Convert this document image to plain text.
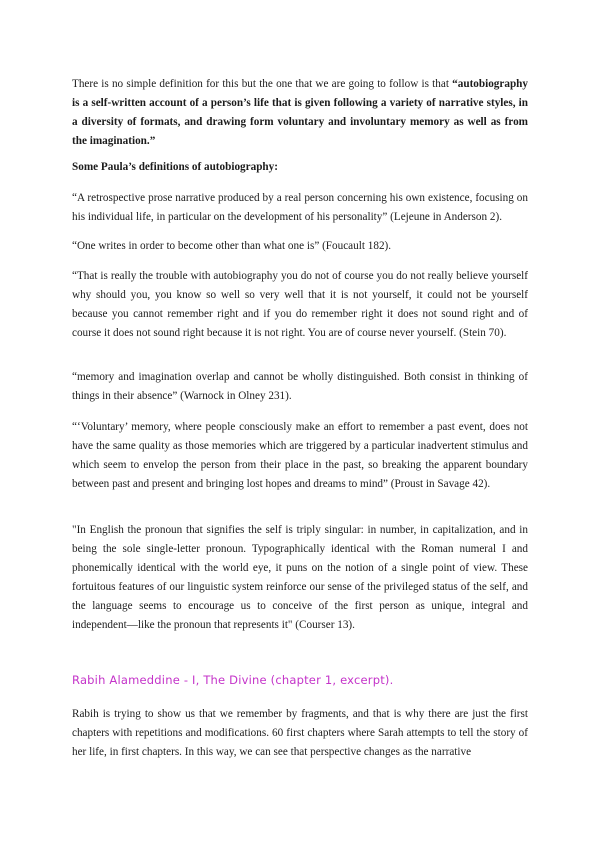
There is no simple definition for this but the one that we are going to follow is that “autobiography is a self-written account of a person’s life that is given following a variety of narrative styles, in a diversity of formats, and drawing form voluntary and involuntary memory as well as from the imagination.”

Some Paula’s definitions of autobiography:

“A retrospective prose narrative produced by a real person concerning his own existence, focusing on his individual life, in particular on the development of his personality” (Lejeune in Anderson 2).

“One writes in order to become other than what one is” (Foucault 182).

“That is really the trouble with autobiography you do not of course you do not really believe yourself why should you, you know so well so very well that it is not yourself, it could not be yourself because you cannot remember right and if you do remember right it does not sound right and of course it does not sound right because it is not right. You are of course never yourself. (Stein 70).

“memory and imagination overlap and cannot be wholly distinguished. Both consist in thinking of things in their absence” (Warnock in Olney 231).

“‘Voluntary’ memory, where people consciously make an effort to remember a past event, does not have the same quality as those memories which are triggered by a particular inadvertent stimulus and which seem to envelop the person from their place in the past, so breaking the apparent boundary between past and present and bringing lost hopes and dreams to mind” (Proust in Savage 42).

"In English the pronoun that signifies the self is triply singular: in number, in capitalization, and in being the sole single-letter pronoun. Typographically identical with the Roman numeral I and phonemically identical with the world eye, it puns on the notion of a single point of view. These fortuitous features of our linguistic system reinforce our sense of the privileged status of the self, and the language seems to encourage us to conceive of the first person as unique, integral and independent—like the pronoun that represents it" (Courser 13).

Rabih Alameddine - I, The Divine (chapter 1, excerpt).

Rabih is trying to show us that we remember by fragments, and that is why there are just the first chapters with repetitions and modifications. 60 first chapters where Sarah attempts to tell the story of her life, in first chapters. In this way, we can see that perspective changes as the narrative
